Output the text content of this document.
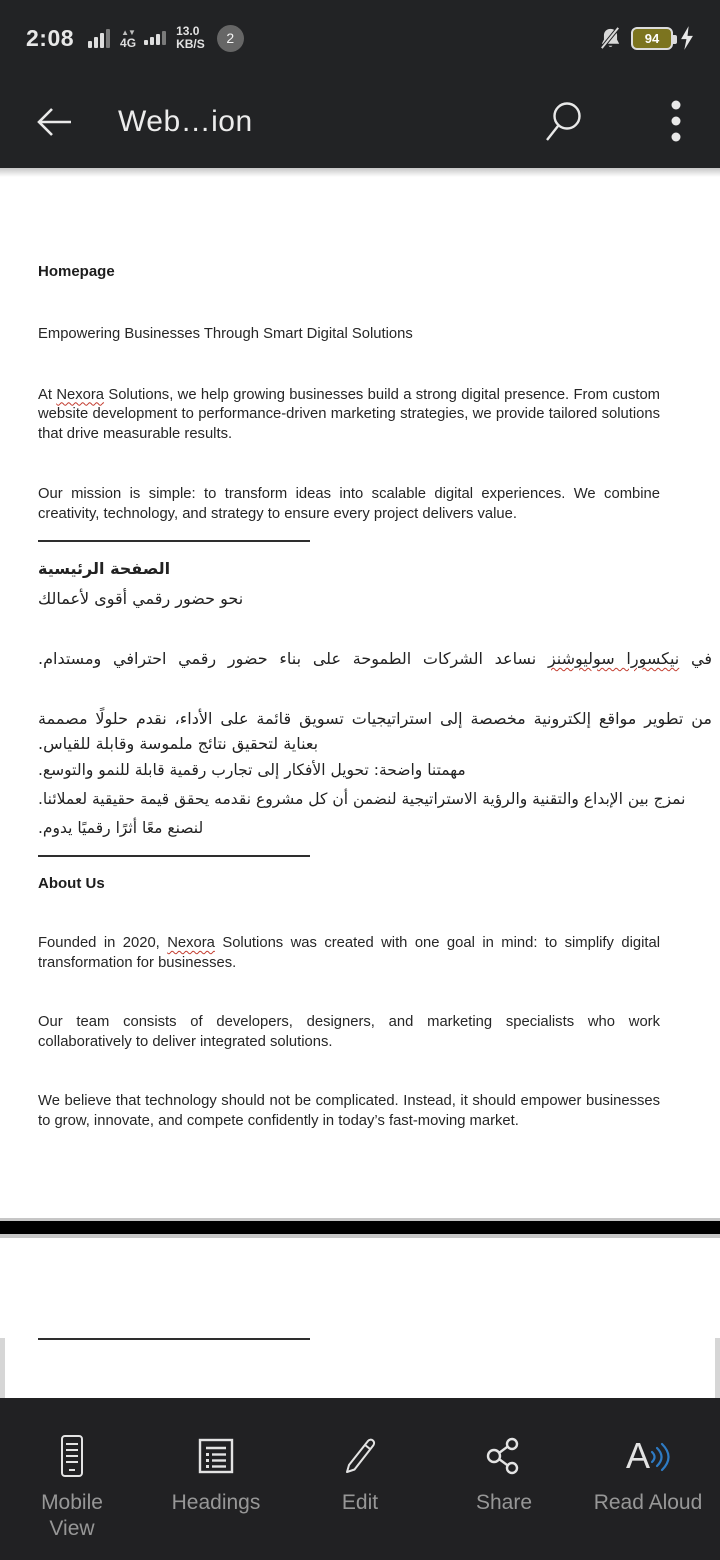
2:08	▲▼
4G
13.0
KB/S 2	94
Web…ion
Homepage

Empowering Businesses Through Smart Digital Solutions

At Nexora Solutions, we help growing businesses build a strong digital presence. From custom website development to performance-driven marketing strategies, we provide tailored solutions that drive measurable results.

Our mission is simple: to transform ideas into scalable digital experiences. We combine creativity, technology, and strategy to ensure every project delivers value.

الصفحة الرئيسية
نحو حضور رقمي أقوى لأعمالك

في نيكسورا سوليوشنز نساعد الشركات الطموحة على بناء حضور رقمي احترافي ومستدام.

من تطوير مواقع إلكترونية مخصصة إلى استراتيجيات تسويق قائمة على الأداء، نقدم حلولًا مصممة بعناية لتحقيق نتائج ملموسة وقابلة للقياس.

مهمتنا واضحة: تحويل الأفكار إلى تجارب رقمية قابلة للنمو والتوسع.
نمزج بين الإبداع والتقنية والرؤية الاستراتيجية لنضمن أن كل مشروع نقدمه يحقق قيمة حقيقية لعملائنا.
لنصنع معًا أثرًا رقميًا يدوم.
About Us

Founded in 2020, Nexora Solutions was created with one goal in mind: to simplify digital transformation for businesses.

Our team consists of developers, designers, and marketing specialists who work collaboratively to deliver integrated solutions.

We believe that technology should not be complicated. Instead, it should empower businesses to grow, innovate, and compete confidently in today’s fast-moving market.

Mobile View
Headings	Edit	Share
A
Read Aloud
